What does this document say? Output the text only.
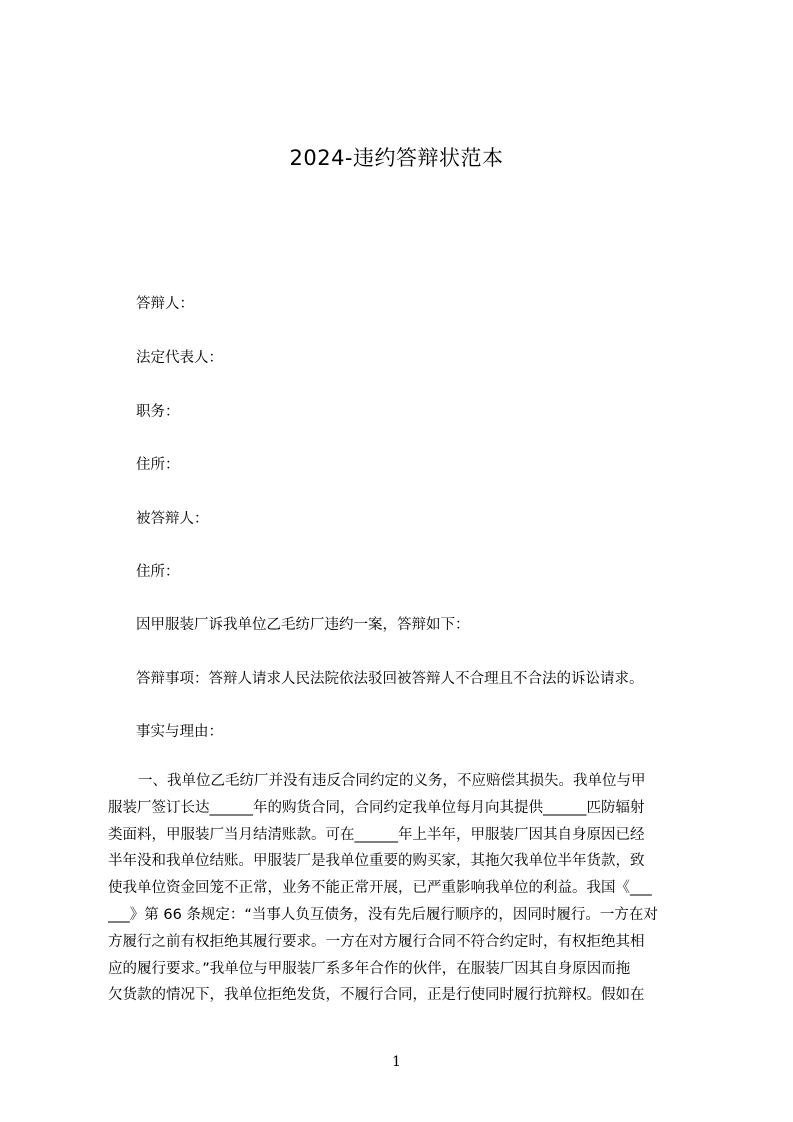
2024-违约答辩状范本
答辩人：
法定代表人：
职务：
住所：
被答辩人：
住所：
因甲服装厂诉我单位乙毛纺厂违约一案，答辩如下：
答辩事项：答辩人请求人民法院依法驳回被答辩人不合理且不合法的诉讼请求。
事实与理由：
一、我单位乙毛纺厂并没有违反合同约定的义务，不应赔偿其损失。我单位与甲
服装厂签订长达______年的购货合同，合同约定我单位每月向其提供______匹防辐射
类面料，甲服装厂当月结清账款。可在______年上半年，甲服装厂因其自身原因已经
半年没和我单位结账。甲服装厂是我单位重要的购买家，其拖欠我单位半年货款，致
使我单位资金回笼不正常，业务不能正常开展，已严重影响我单位的利益。我国《___
___》第 66 条规定：“当事人负互债务，没有先后履行顺序的，因同时履行。一方在对
方履行之前有权拒绝其履行要求。一方在对方履行合同不符合约定时，有权拒绝其相
应的履行要求。”我单位与甲服装厂系多年合作的伙伴，在服装厂因其自身原因而拖
欠货款的情况下，我单位拒绝发货，不履行合同，正是行使同时履行抗辩权。假如在
1
